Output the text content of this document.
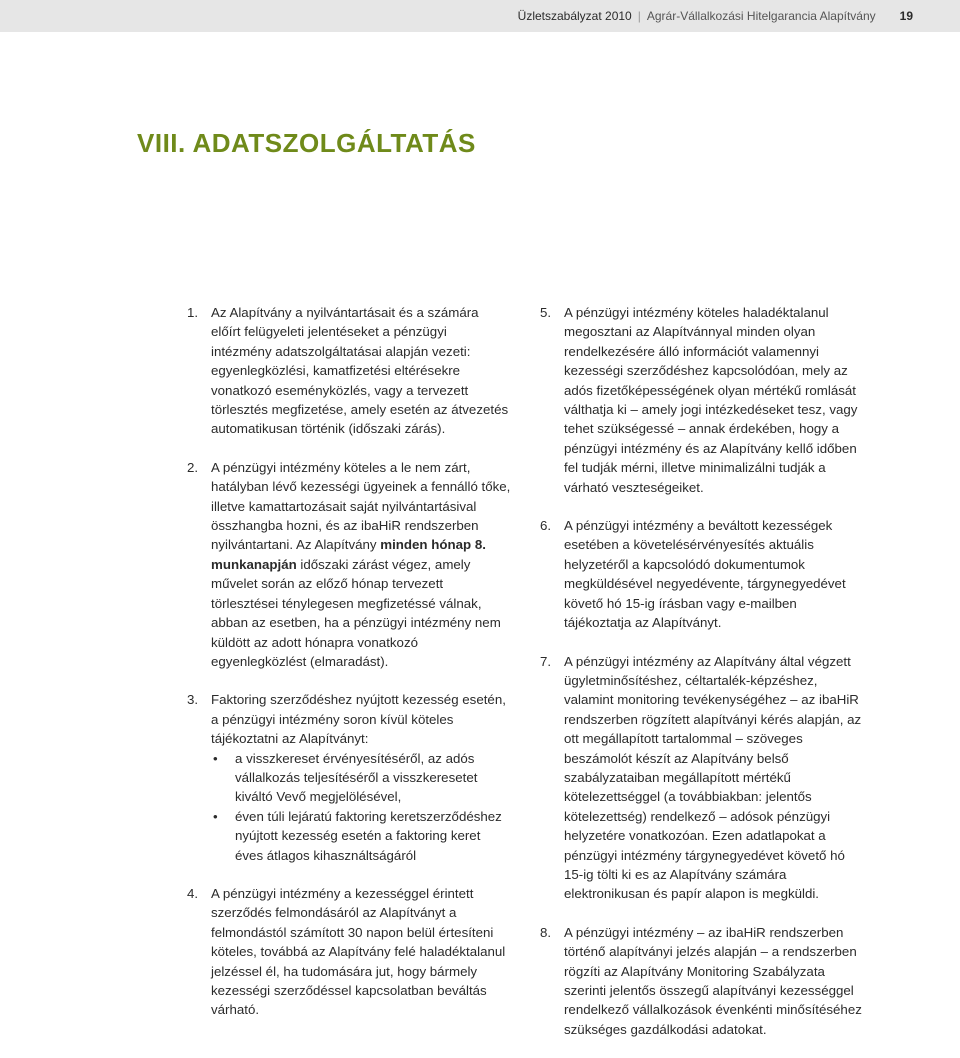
Üzletszabályzat 2010 | Agrár-Vállalkozási Hitelgarancia Alapítvány 19
VIII. ADATSZOLGÁLTATÁS
1. Az Alapítvány a nyilvántartásait és a számára előírt felügyeleti jelentéseket a pénzügyi intézmény adatszolgáltatásai alapján vezeti: egyenlegközlési, kamatfizetési eltérésekre vonatkozó eseményközlés, vagy a tervezett törlesztés megfizetése, amely esetén az átvezetés automatikusan történik (időszaki zárás).
2. A pénzügyi intézmény köteles a le nem zárt, hatályban lévő kezességi ügyeinek a fennálló tőke, illetve kamattartozásait saját nyilvántartásival összhangba hozni, és az ibaHiR rendszerben nyilvántartani. Az Alapítvány minden hónap 8. munkanapján időszaki zárást végez, amely művelet során az előző hónap tervezett törlesztései ténylegesen megfizetéssé válnak, abban az esetben, ha a pénzügyi intézmény nem küldött az adott hónapra vonatkozó egyenlegközlést (elmaradást).
3. Faktoring szerződéshez nyújtott kezesség esetén, a pénzügyi intézmény soron kívül köteles tájékoztatni az Alapítványt:
• a visszkereset érvényesítéséről, az adós vállalkozás teljesítéséről a visszkeresetet kiváltó Vevő megjelölésével,
• éven túli lejáratú faktoring keretszerződéshez nyújtott kezesség esetén a faktoring keret éves átlagos kihasználtságáról
4. A pénzügyi intézmény a kezességgel érintett szerződés felmondásáról az Alapítványt a felmondástól számított 30 napon belül értesíteni köteles, továbbá az Alapítvány felé haladéktalanul jelzéssel él, ha tudomására jut, hogy bármely kezességi szerződéssel kapcsolatban beváltás várható.
5. A pénzügyi intézmény köteles haladéktalanul megosztani az Alapítvánnyal minden olyan rendelkezésére álló információt valamennyi kezességi szerződéshez kapcsolódóan, mely az adós fizetőképességének olyan mértékű romlását válthatja ki – amely jogi intézkedéseket tesz, vagy tehet szükségessé – annak érdekében, hogy a pénzügyi intézmény és az Alapítvány kellő időben fel tudják mérni, illetve minimalizálni tudják a várható veszteségeiket.
6. A pénzügyi intézmény a beváltott kezességek esetében a követelésérvényesítés aktuális helyzetéről a kapcsolódó dokumentumok megküldésével negyedévente, tárgynegyedévet követő hó 15-ig írásban vagy e-mailben tájékoztatja az Alapítványt.
7. A pénzügyi intézmény az Alapítvány által végzett ügyletminősítéshez, céltartalék-képzéshez, valamint monitoring tevékenységéhez – az ibaHiR rendszerben rögzített alapítványi kérés alapján, az ott megállapított tartalommal – szöveges beszámolót készít az Alapítvány belső szabályzataiban megállapított mértékű kötelezettséggel (a továbbiakban: jelentős kötelezettség) rendelkező – adósok pénzügyi helyzetére vonatkozóan. Ezen adatlapokat a pénzügyi intézmény tárgynegyedévet követő hó 15-ig tölti ki es az Alapítvány számára elektronikusan és papír alapon is megküldi.
8. A pénzügyi intézmény – az ibaHiR rendszerben történő alapítványi jelzés alapján – a rendszerben rögzíti az Alapítvány Monitoring Szabályzata szerinti jelentős összegű alapítványi kezességgel rendelkező vállalkozások évenkénti minősítéséhez szükséges gazdálkodási adatokat.
